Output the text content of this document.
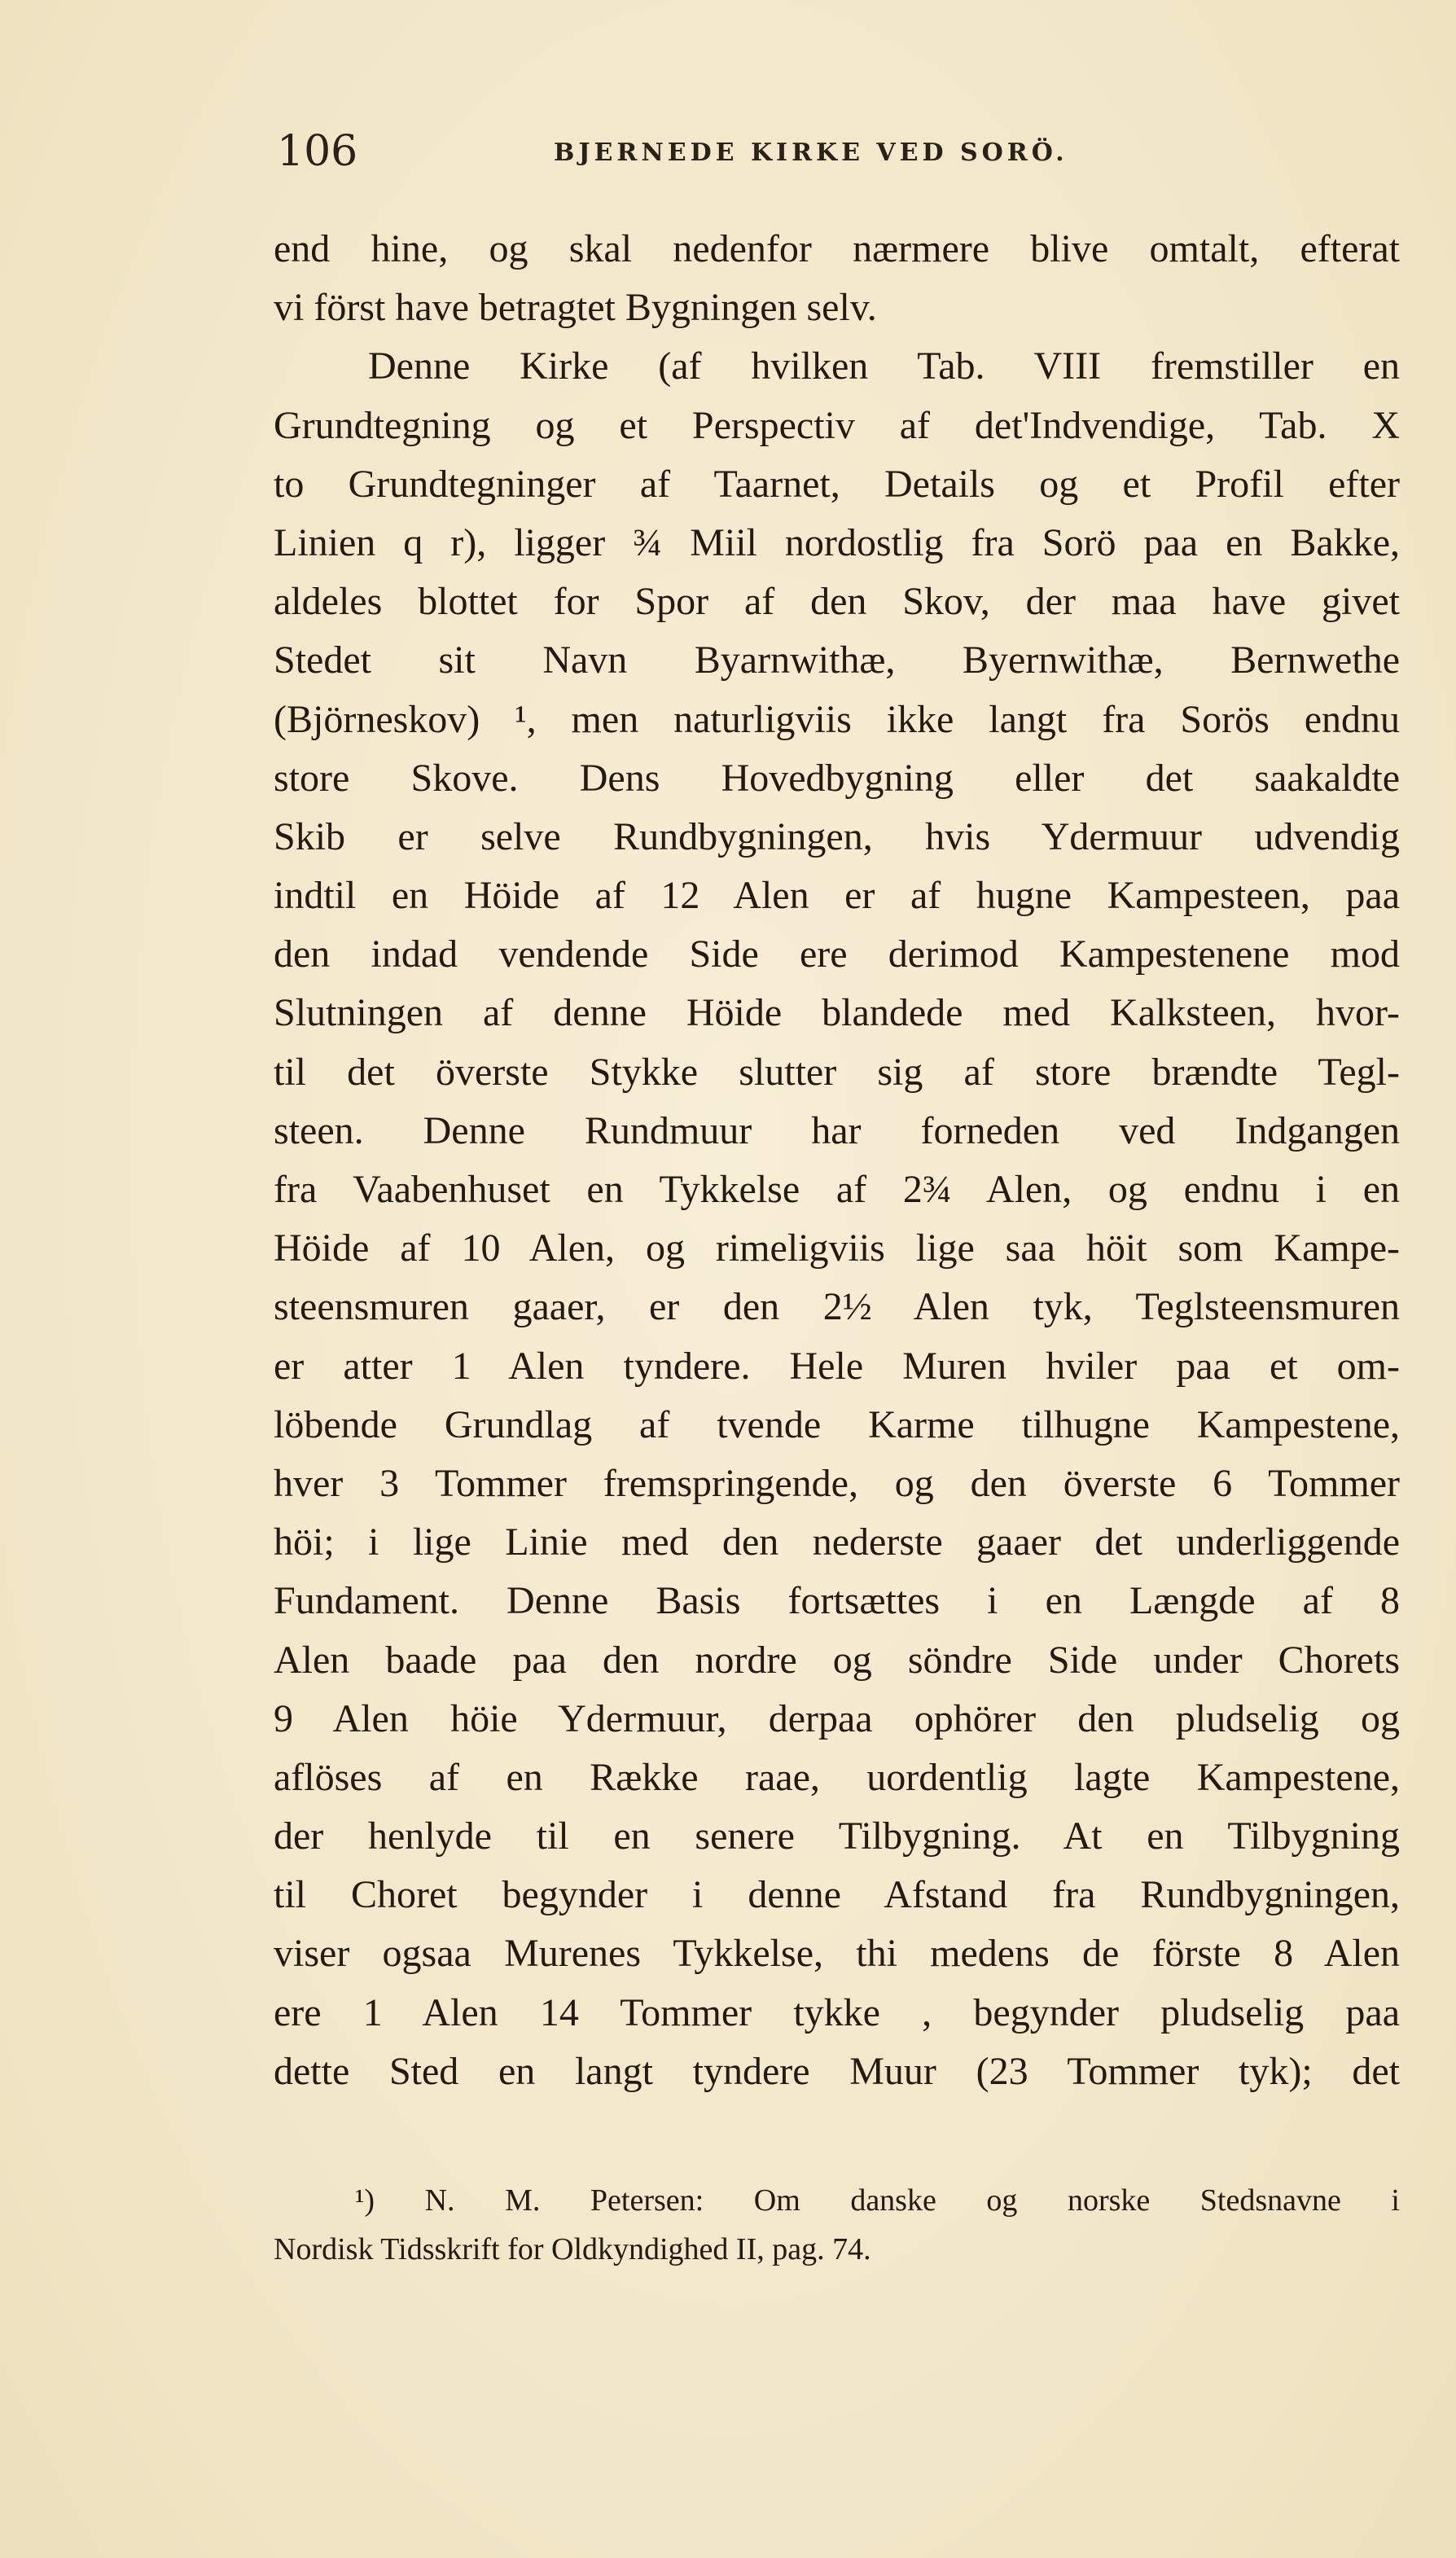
106	BJERNEDE KIRKE VED SORÖ.
end hine, og skal nedenfor nærmere blive omtalt, efterat
vi först have betragtet Bygningen selv.
Denne Kirke (af hvilken Tab. VIII fremstiller en
Grundtegning og et Perspectiv af det'Indvendige, Tab. X
to Grundtegninger af Taarnet, Details og et Profil efter
Linien q r), ligger ¾ Miil nordostlig fra Sorö paa en Bakke,
aldeles blottet for Spor af den Skov, der maa have givet
Stedet sit Navn Byarnwithæ, Byernwithæ, Bernwethe
(Björneskov) ¹, men naturligviis ikke langt fra Sorös endnu
store Skove. Dens Hovedbygning eller det saakaldte
Skib er selve Rundbygningen, hvis Ydermuur udvendig
indtil en Höide af 12 Alen er af hugne Kampesteen, paa
den indad vendende Side ere derimod Kampestenene mod
Slutningen af denne Höide blandede med Kalksteen, hvor-
til det överste Stykke slutter sig af store brændte Tegl-
steen. Denne Rundmuur har forneden ved Indgangen
fra Vaabenhuset en Tykkelse af 2¾ Alen, og endnu i en
Höide af 10 Alen, og rimeligviis lige saa höit som Kampe-
steensmuren gaaer, er den 2½ Alen tyk, Teglsteensmuren
er atter 1 Alen tyndere. Hele Muren hviler paa et om-
löbende Grundlag af tvende Karme tilhugne Kampestene,
hver 3 Tommer fremspringende, og den överste 6 Tommer
höi; i lige Linie med den nederste gaaer det underliggende
Fundament. Denne Basis fortsættes i en Længde af 8
Alen baade paa den nordre og söndre Side under Chorets
9 Alen höie Ydermuur, derpaa ophörer den pludselig og
aflöses af en Række raae, uordentlig lagte Kampestene,
der henlyde til en senere Tilbygning. At en Tilbygning
til Choret begynder i denne Afstand fra Rundbygningen,
viser ogsaa Murenes Tykkelse, thi medens de förste 8 Alen
ere 1 Alen 14 Tommer tykke , begynder pludselig paa
dette Sted en langt tyndere Muur (23 Tommer tyk); det
¹) N. M. Petersen: Om danske og norske Stedsnavne i
Nordisk Tidsskrift for Oldkyndighed II, pag. 74.
